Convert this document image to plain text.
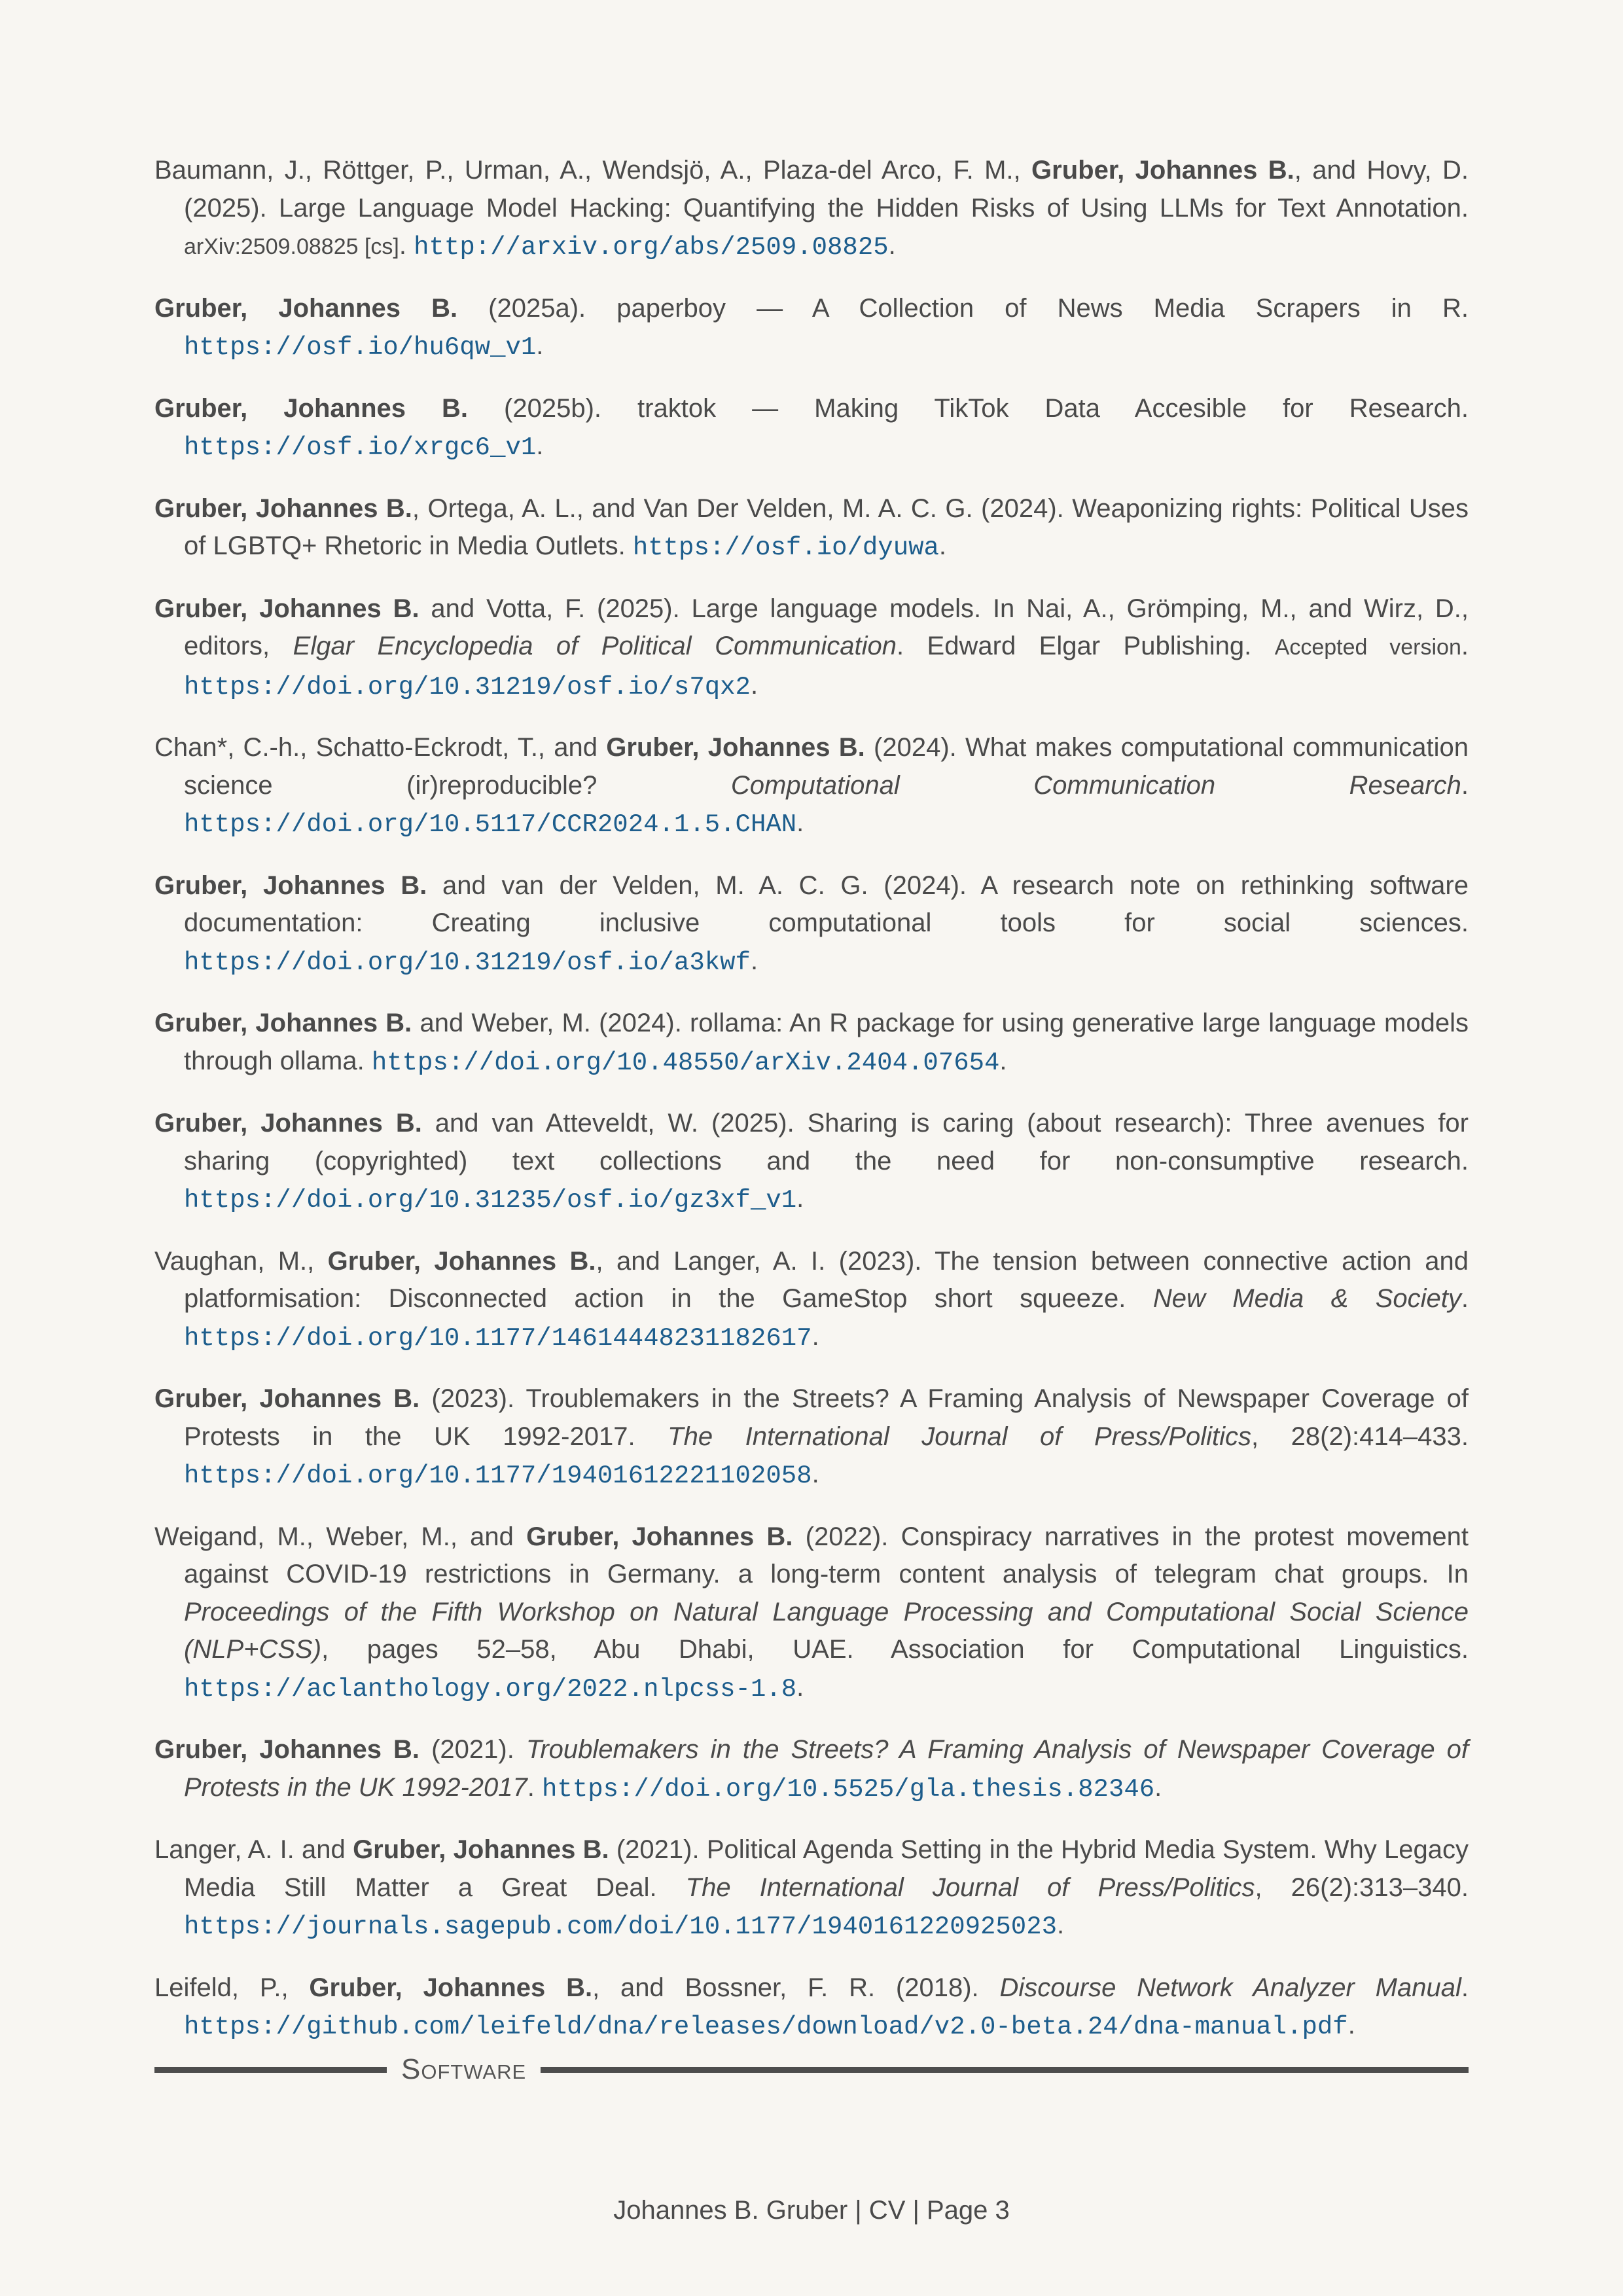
Baumann, J., Röttger, P., Urman, A., Wendsjö, A., Plaza-del Arco, F. M., Gruber, Johannes B., and Hovy, D. (2025). Large Language Model Hacking: Quantifying the Hidden Risks of Using LLMs for Text Annotation. arXiv:2509.08825 [cs]. http://arxiv.org/abs/2509.08825.

Gruber, Johannes B. (2025a). paperboy — A Collection of News Media Scrapers in R. https://osf.io/hu6qw_v1.

Gruber, Johannes B. (2025b). traktok — Making TikTok Data Accesible for Research. https://osf.io/xrgc6_v1.

Gruber, Johannes B., Ortega, A. L., and Van Der Velden, M. A. C. G. (2024). Weaponizing rights: Political Uses of LGBTQ+ Rhetoric in Media Outlets. https://osf.io/dyuwa.

Gruber, Johannes B. and Votta, F. (2025). Large language models. In Nai, A., Grömping, M., and Wirz, D., editors, Elgar Encyclopedia of Political Communication. Edward Elgar Publishing. Accepted version. https://doi.org/10.31219/osf.io/s7qx2.

Chan*, C.-h., Schatto-Eckrodt, T., and Gruber, Johannes B. (2024). What makes computational communication science (ir)reproducible? Computational Communication Research. https://doi.org/10.5117/CCR2024.1.5.CHAN.

Gruber, Johannes B. and van der Velden, M. A. C. G. (2024). A research note on rethinking software documentation: Creating inclusive computational tools for social sciences. https://doi.org/10.31219/osf.io/a3kwf.

Gruber, Johannes B. and Weber, M. (2024). rollama: An R package for using generative large language models through ollama. https://doi.org/10.48550/arXiv.2404.07654.

Gruber, Johannes B. and van Atteveldt, W. (2025). Sharing is caring (about research): Three avenues for sharing (copyrighted) text collections and the need for non-consumptive research. https://doi.org/10.31235/osf.io/gz3xf_v1.

Vaughan, M., Gruber, Johannes B., and Langer, A. I. (2023). The tension between connective action and platformisation: Disconnected action in the GameStop short squeeze. New Media & Society. https://doi.org/10.1177/14614448231182617.

Gruber, Johannes B. (2023). Troublemakers in the Streets? A Framing Analysis of Newspaper Coverage of Protests in the UK 1992-2017. The International Journal of Press/Politics, 28(2):414–433. https://doi.org/10.1177/19401612221102058.

Weigand, M., Weber, M., and Gruber, Johannes B. (2022). Conspiracy narratives in the protest movement against COVID-19 restrictions in Germany. a long-term content analysis of telegram chat groups. In Proceedings of the Fifth Workshop on Natural Language Processing and Computational Social Science (NLP+CSS), pages 52–58, Abu Dhabi, UAE. Association for Computational Linguistics. https://aclanthology.org/2022.nlpcss-1.8.

Gruber, Johannes B. (2021). Troublemakers in the Streets? A Framing Analysis of Newspaper Coverage of Protests in the UK 1992-2017. https://doi.org/10.5525/gla.thesis.82346.

Langer, A. I. and Gruber, Johannes B. (2021). Political Agenda Setting in the Hybrid Media System. Why Legacy Media Still Matter a Great Deal. The International Journal of Press/Politics, 26(2):313–340. https://journals.sagepub.com/doi/10.1177/1940161220925023.

Leifeld, P., Gruber, Johannes B., and Bossner, F. R. (2018). Discourse Network Analyzer Manual. https://github.com/leifeld/dna/releases/download/v2.0-beta.24/dna-manual.pdf.

Software
Johannes B. Gruber | CV | Page 3
